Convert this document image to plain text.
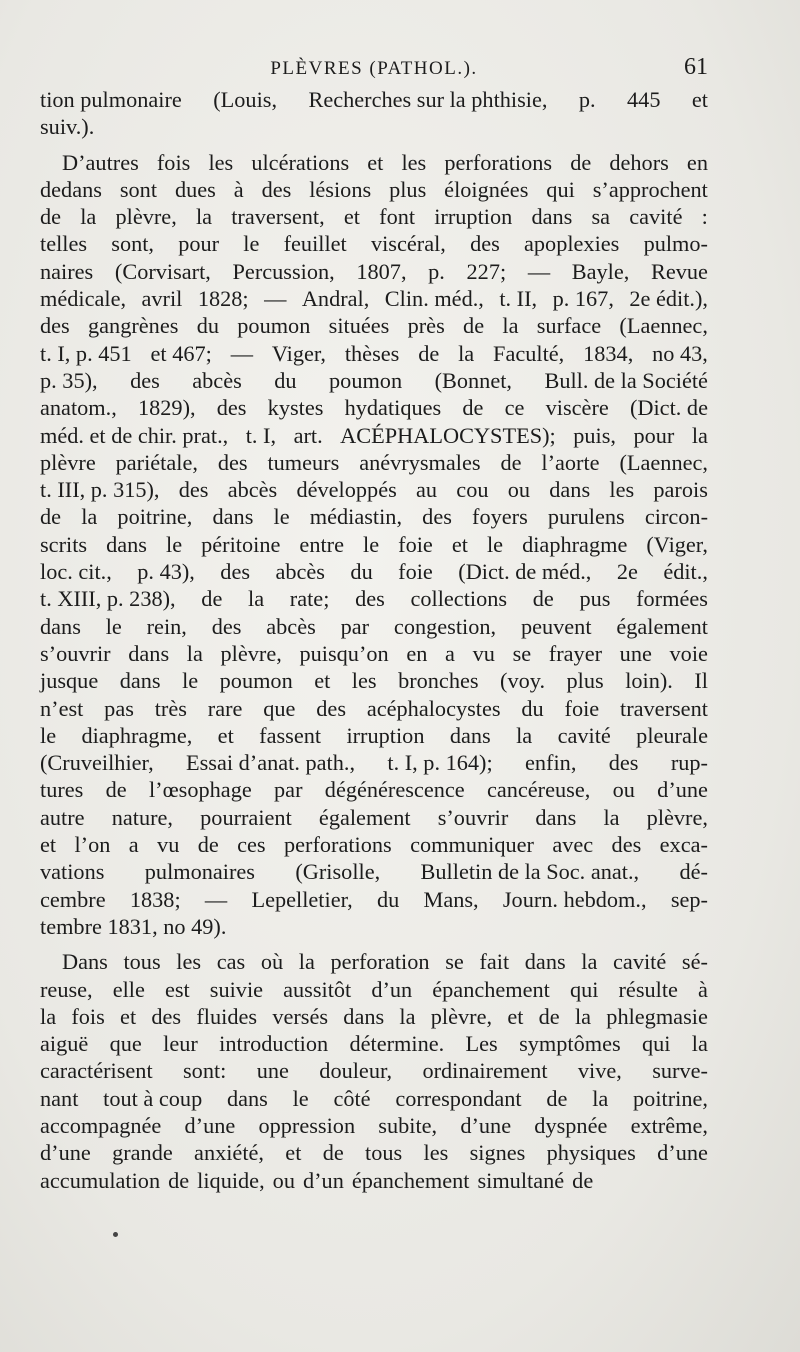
PLÈVRES (PATHOL.).	61
tion pulmonaire (Louis, Recherches sur la phthisie, p. 445 et
suiv.).
D’autres fois les ulcérations et les perforations de dehors en
dedans sont dues à des lésions plus éloignées qui s’approchent
de la plèvre, la traversent, et font irruption dans sa cavité :
telles sont, pour le feuillet viscéral, des apoplexies pulmo-
naires (Corvisart, Percussion, 1807, p. 227; — Bayle, Revue
médicale, avril 1828; — Andral, Clin. méd., t. II, p. 167, 2e édit.),
des gangrènes du poumon situées près de la surface (Laennec,
t. I, p. 451 et 467; — Viger, thèses de la Faculté, 1834, no 43,
p. 35), des abcès du poumon (Bonnet, Bull. de la Société
anatom., 1829), des kystes hydatiques de ce viscère (Dict. de
méd. et de chir. prat., t. I, art. ACÉPHALOCYSTES); puis, pour la
plèvre pariétale, des tumeurs anévrysmales de l’aorte (Laennec,
t. III, p. 315), des abcès développés au cou ou dans les parois
de la poitrine, dans le médiastin, des foyers purulens circon-
scrits dans le péritoine entre le foie et le diaphragme (Viger,
loc. cit., p. 43), des abcès du foie (Dict. de méd., 2e édit.,
t. XIII, p. 238), de la rate; des collections de pus formées
dans le rein, des abcès par congestion, peuvent également
s’ouvrir dans la plèvre, puisqu’on en a vu se frayer une voie
jusque dans le poumon et les bronches (voy. plus loin). Il
n’est pas très rare que des acéphalocystes du foie traversent
le diaphragme, et fassent irruption dans la cavité pleurale
(Cruveilhier, Essai d’anat. path., t. I, p. 164); enfin, des rup-
tures de l’œsophage par dégénérescence cancéreuse, ou d’une
autre nature, pourraient également s’ouvrir dans la plèvre,
et l’on a vu de ces perforations communiquer avec des exca-
vations pulmonaires (Grisolle, Bulletin de la Soc. anat., dé-
cembre 1838; — Lepelletier, du Mans, Journ. hebdom., sep-
tembre 1831, no 49).
Dans tous les cas où la perforation se fait dans la cavité sé-
reuse, elle est suivie aussitôt d’un épanchement qui résulte à
la fois et des fluides versés dans la plèvre, et de la phlegmasie
aiguë que leur introduction détermine. Les symptômes qui la
caractérisent sont: une douleur, ordinairement vive, surve-
nant tout à coup dans le côté correspondant de la poitrine,
accompagnée d’une oppression subite, d’une dyspnée extrême,
d’une grande anxiété, et de tous les signes physiques d’une
accumulation de liquide, ou d’un épanchement simultané de
